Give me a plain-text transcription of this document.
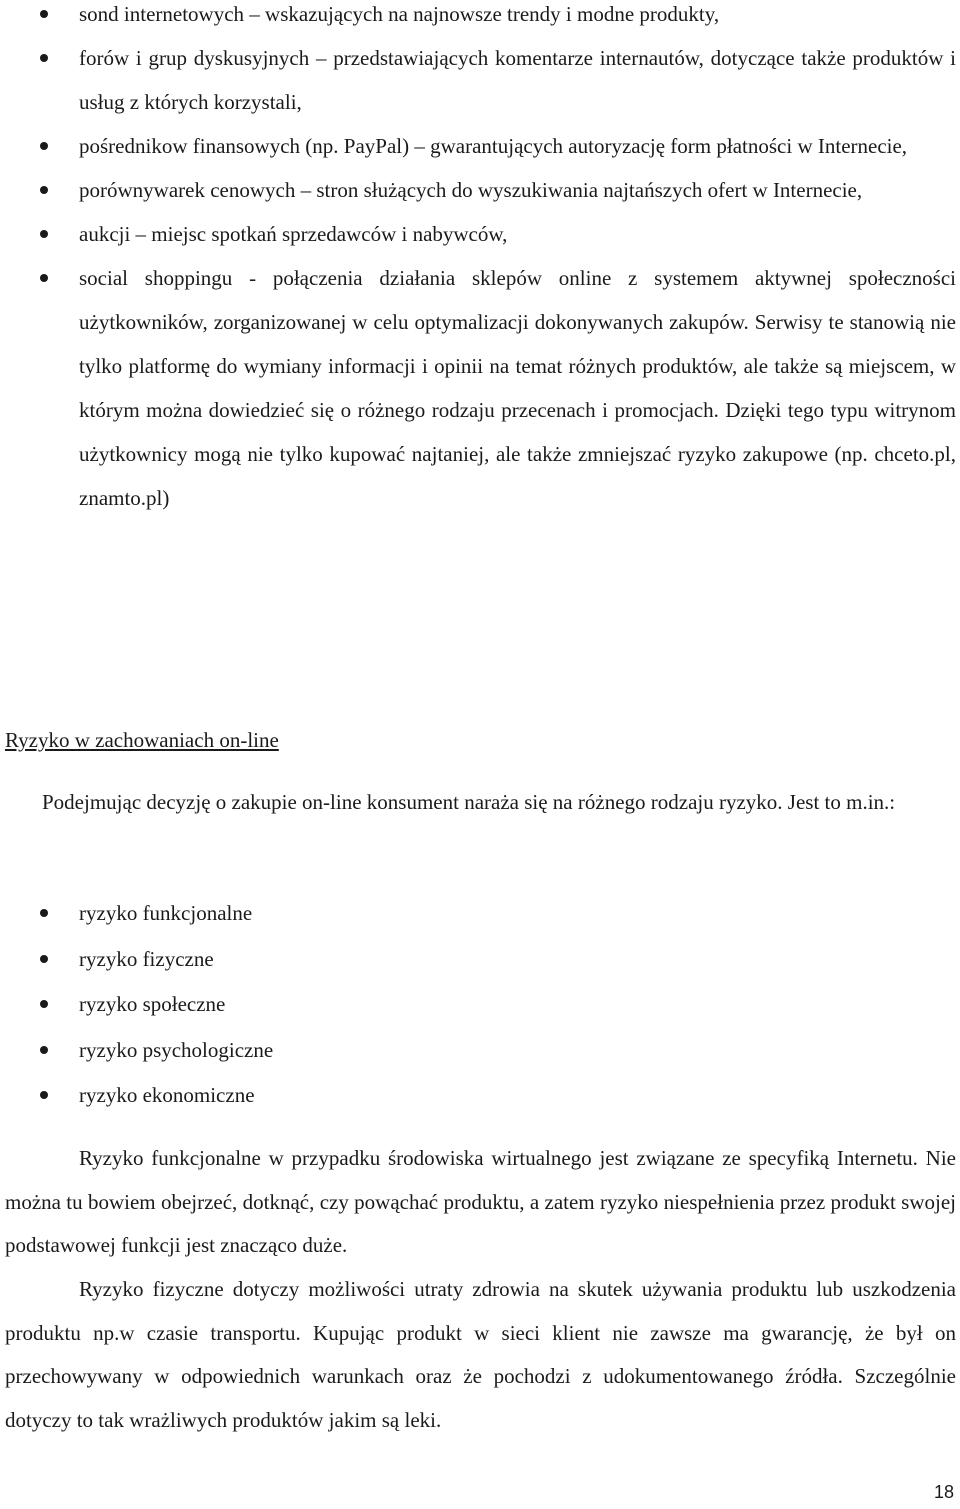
sond internetowych – wskazujących na najnowsze trendy i modne produkty,
forów i grup dyskusyjnych – przedstawiających komentarze internautów, dotyczące także produktów i usług z których korzystali,
pośrednikow finansowych (np. PayPal) – gwarantujących autoryzację form płatności w Internecie,
porównywarek cenowych – stron służących do wyszukiwania najtańszych ofert w Internecie,
aukcji – miejsc spotkań sprzedawców i nabywców,
social shoppingu - połączenia działania sklepów online z systemem aktywnej społeczności użytkowników, zorganizowanej w celu optymalizacji dokonywanych zakupów. Serwisy te stanowią nie tylko platformę do wymiany informacji i opinii na temat różnych produktów, ale także są miejscem, w którym można dowiedzieć się o różnego rodzaju przecenach i promocjach. Dzięki tego typu witrynom użytkownicy mogą nie tylko kupować najtaniej, ale także zmniejszać ryzyko zakupowe (np. chceto.pl, znamto.pl)
Ryzyko w zachowaniach on-line

Podejmując decyzję o zakupie on-line konsument naraża się na różnego rodzaju ryzyko. Jest to m.in.:

ryzyko funkcjonalne
ryzyko fizyczne
ryzyko społeczne
ryzyko psychologiczne
ryzyko ekonomiczne

Ryzyko funkcjonalne w przypadku środowiska wirtualnego jest związane ze specyfiką Internetu. Nie można tu bowiem obejrzeć, dotknąć, czy powąchać produktu, a zatem ryzyko niespełnienia przez produkt swojej podstawowej funkcji jest znacząco duże.

Ryzyko fizyczne dotyczy możliwości utraty zdrowia na skutek używania produktu lub uszkodzenia produktu np.w czasie transportu. Kupując produkt w sieci klient nie zawsze ma gwarancję, że był on przechowywany w odpowiednich warunkach oraz że pochodzi z udokumentowanego źródła. Szczególnie dotyczy to tak wrażliwych produktów jakim są leki.

18
